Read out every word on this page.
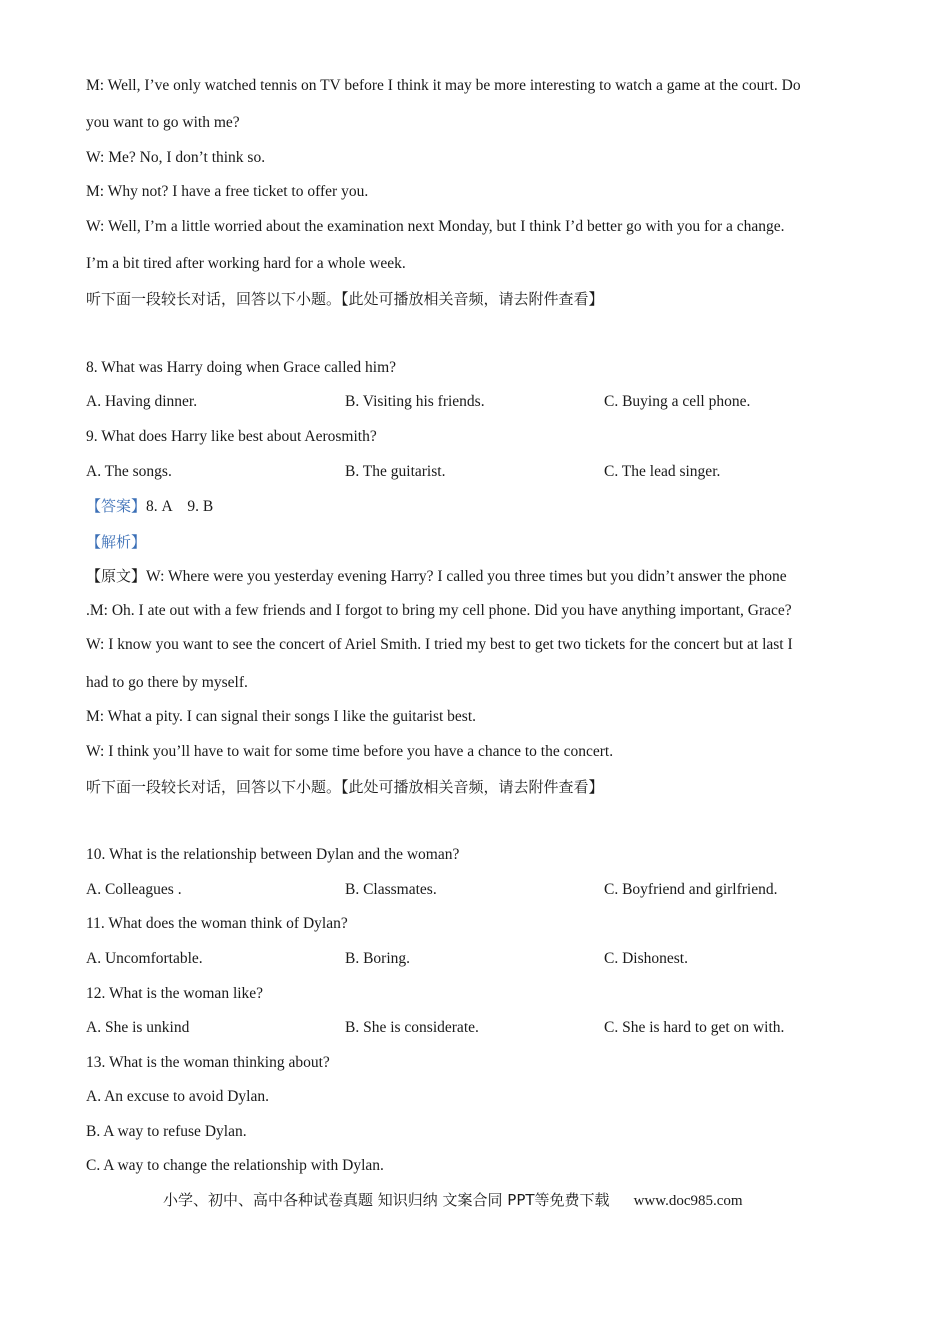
M: Well, I’ve only watched tennis on TV before I think it may be more interesting to watch a game at the court. Do
you want to go with me?
W: Me? No, I don’t think so.
M: Why not? I have a free ticket to offer you.
W: Well, I’m a little worried about the examination next Monday, but I think I’d better go with you for a change.
I’m a bit tired after working hard for a whole week.
听下面一段较长对话，回答以下小题。【此处可播放相关音频，请去附件查看】
8. What was Harry doing when Grace called him?
A. Having dinner.	B. Visiting his friends.	C. Buying a cell phone.
9. What does Harry like best about Aerosmith?
A. The songs.	B. The guitarist.	C. The lead singer.
【答案】8. A    9. B
【解析】
【原文】W: Where were you yesterday evening Harry? I called you three times but you didn’t answer the phone
.M: Oh. I ate out with a few friends and I forgot to bring my cell phone. Did you have anything important, Grace?
W: I know you want to see the concert of Ariel Smith. I tried my best to get two tickets for the concert but at last I
had to go there by myself.
M: What a pity. I can signal their songs I like the guitarist best.
W: I think you’ll have to wait for some time before you have a chance to the concert.
听下面一段较长对话，回答以下小题。【此处可播放相关音频，请去附件查看】
10. What is the relationship between Dylan and the woman?
A. Colleagues .	B. Classmates.	C. Boyfriend and girlfriend.
11. What does the woman think of Dylan?
A. Uncomfortable.	B. Boring.	C. Dishonest.
12. What is the woman like?
A. She is unkind	B. She is considerate.	C. She is hard to get on with.
13. What is the woman thinking about?
A. An excuse to avoid Dylan.
B. A way to refuse Dylan.
C. A way to change the relationship with Dylan.
小学、初中、高中各种试卷真题 知识归纳 文案合同 PPT等免费下载 www.doc985.com
